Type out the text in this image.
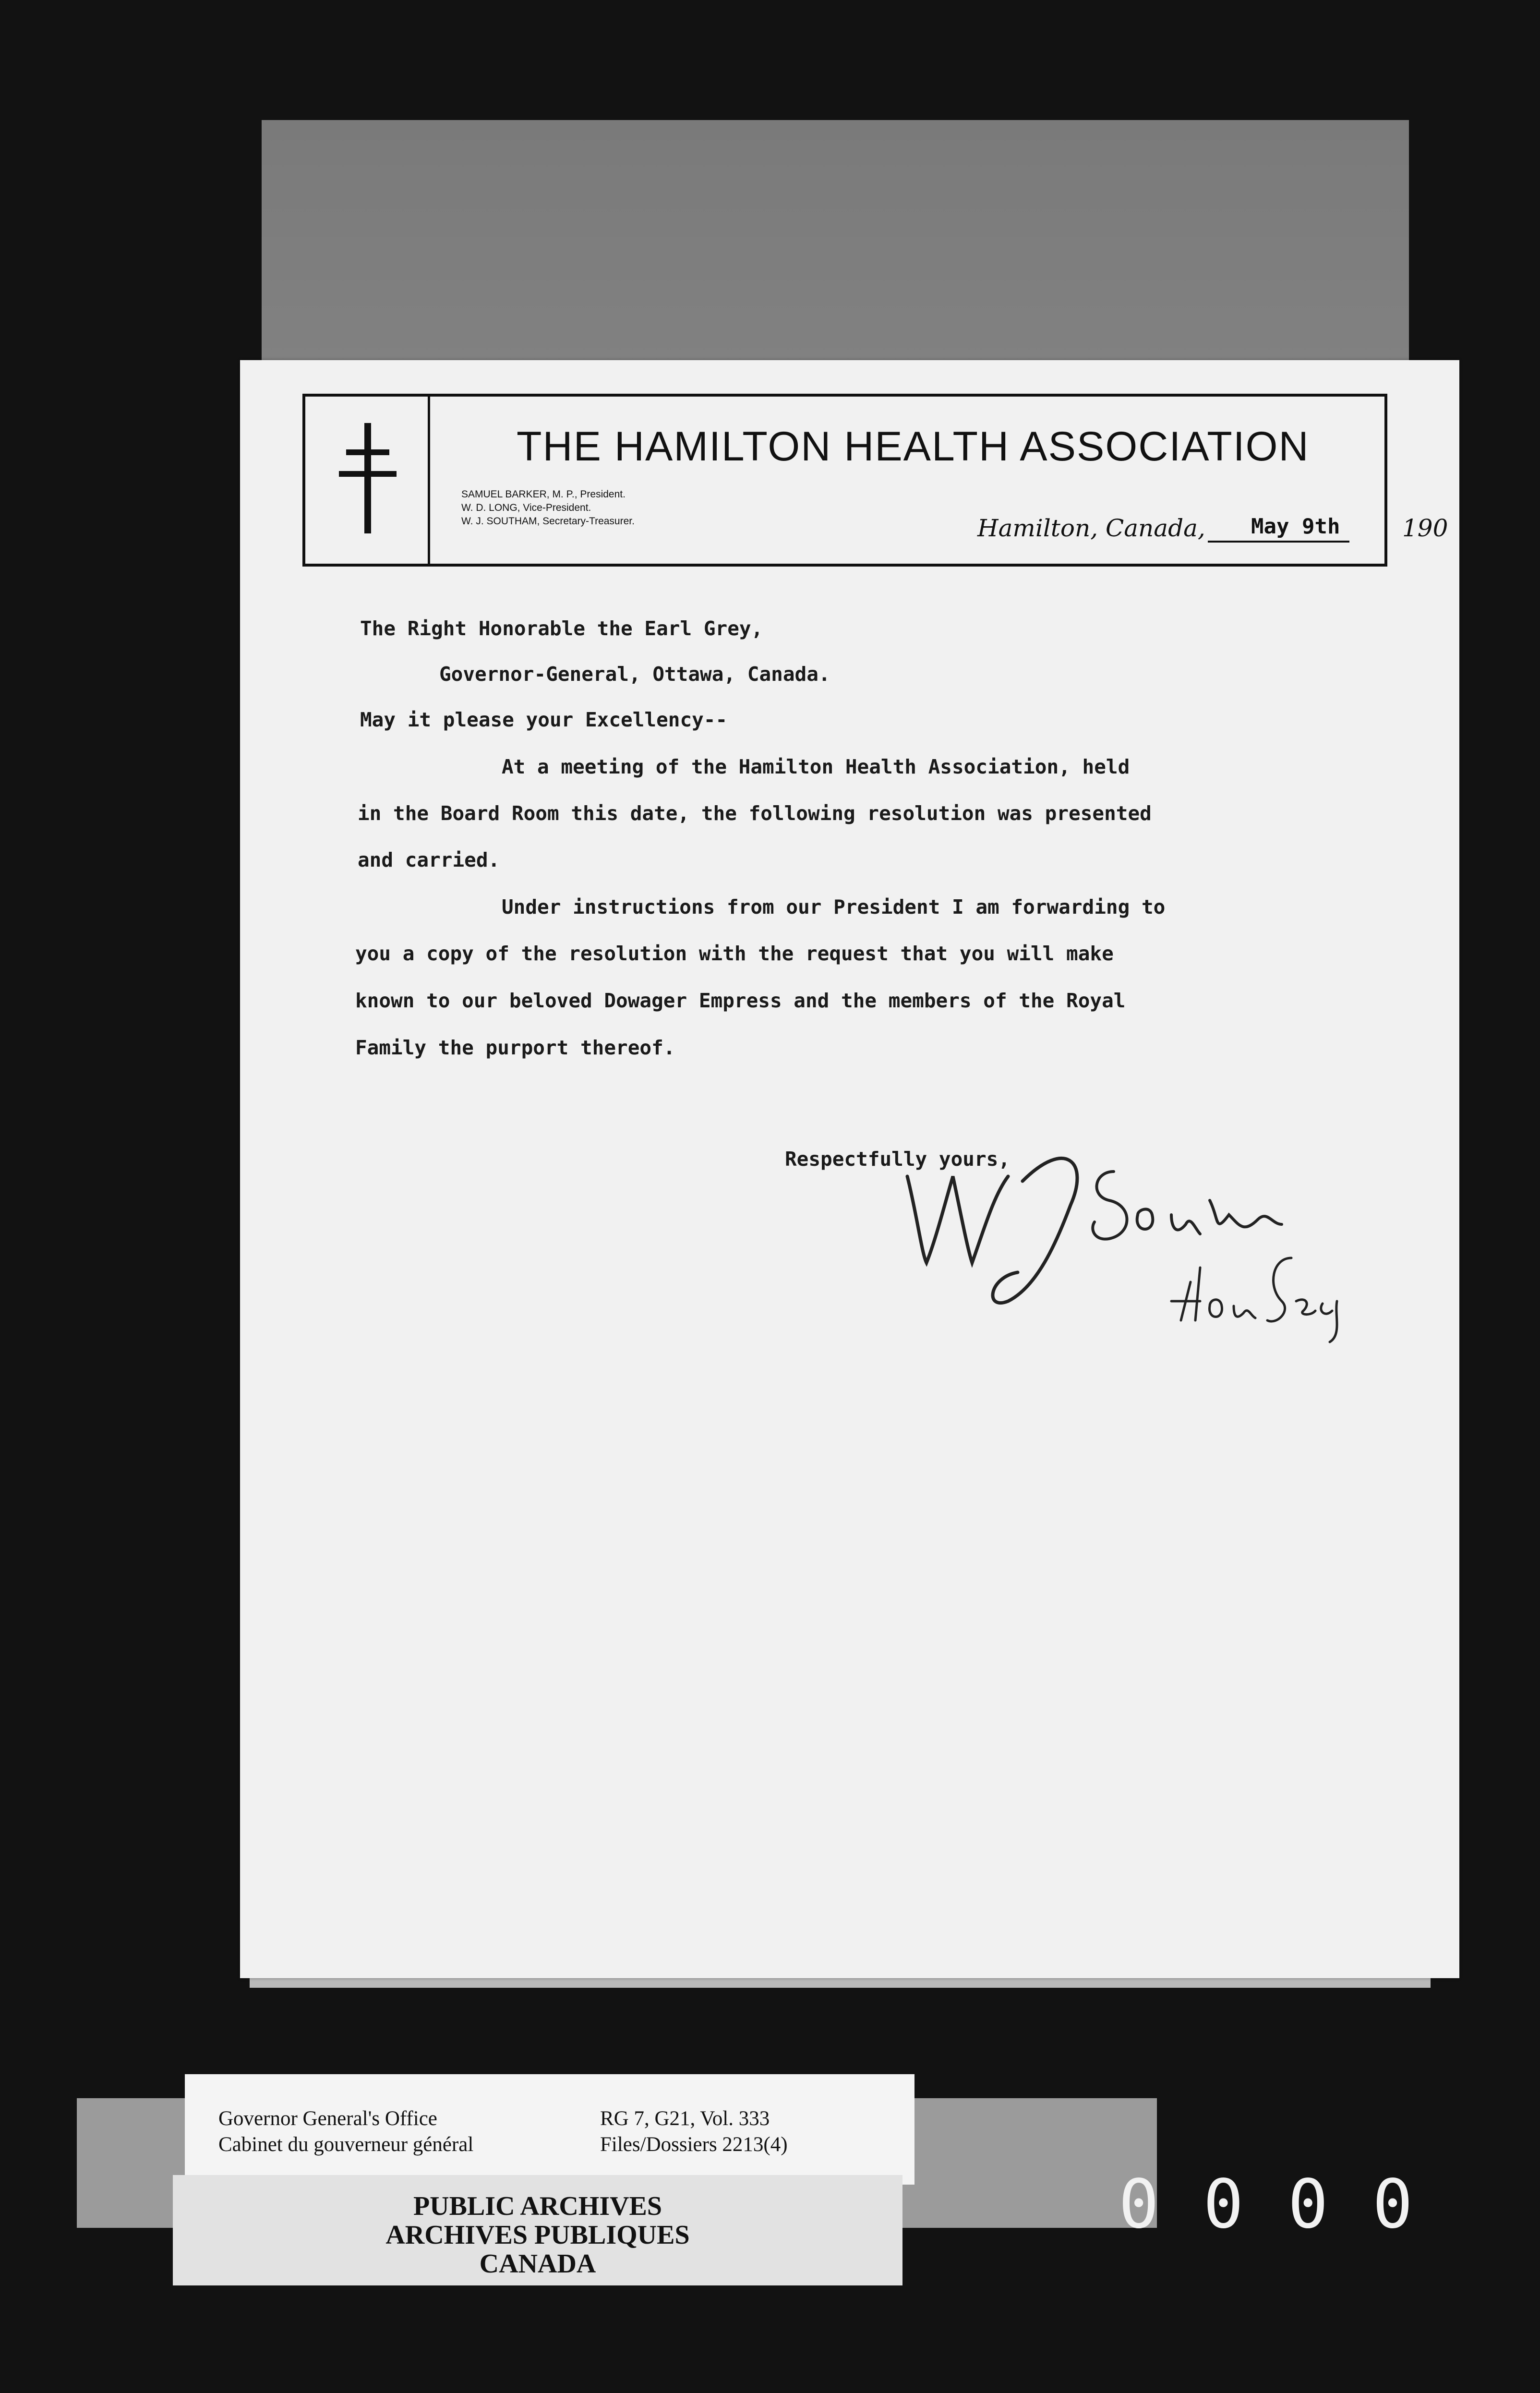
THE HAMILTON HEALTH ASSOCIATION
SAMUEL BARKER, M. P., President.
W. D. LONG, Vice-President.
W. J. SOUTHAM, Secretary-Treasurer.	Hamilton, Canada, May 9th	190
The Right Honorable the Earl Grey,
Governor-General, Ottawa, Canada.
May it please your Excellency--
At a meeting of the Hamilton Health Association, held
in the Board Room this date, the following resolution was presented
and carried.
Under instructions from our President I am forwarding to
you a copy of the resolution with the request that you will make
known to our beloved Dowager Empress and the members of the Royal
Family the purport thereof.
Respectfully yours,
Governor General's Office
Cabinet du gouverneur général
RG 7, G21, Vol. 333
Files/Dossiers 2213(4)
PUBLIC ARCHIVES
ARCHIVES PUBLIQUES
CANADA
0000
